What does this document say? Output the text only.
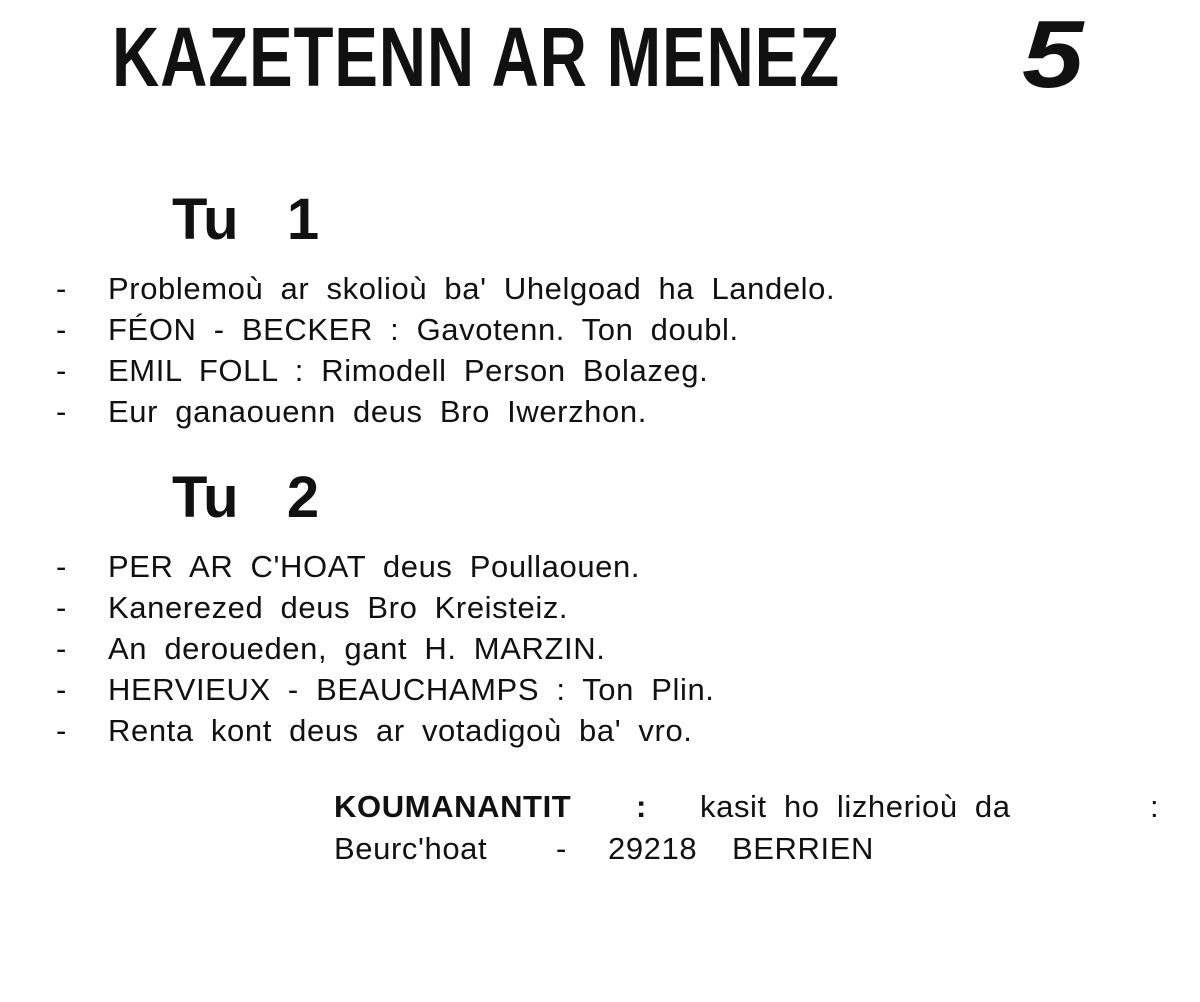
KAZETENN AR MENEZ 5
Tu   1
- Problemoù ar skolioù ba' Uhelgoad ha Landelo.
- FÉON - BECKER : Gavotenn. Ton doubl.
- EMIL FOLL : Rimodell Person Bolazeg.
- Eur ganaouenn deus Bro Iwerzhon.
Tu   2
- PER AR C'HOAT deus Poullaouen.
- Kanerezed deus Bro Kreisteiz.
- An deroueden, gant H. MARZIN.
- HERVIEUX - BEAUCHAMPS : Ton Plin.
- Renta kont deus ar votadigoù ba' vro.
KOUMANANTIT : kasit ho lizherioù da	:
Beurc'hoat - 29218 BERRIEN
